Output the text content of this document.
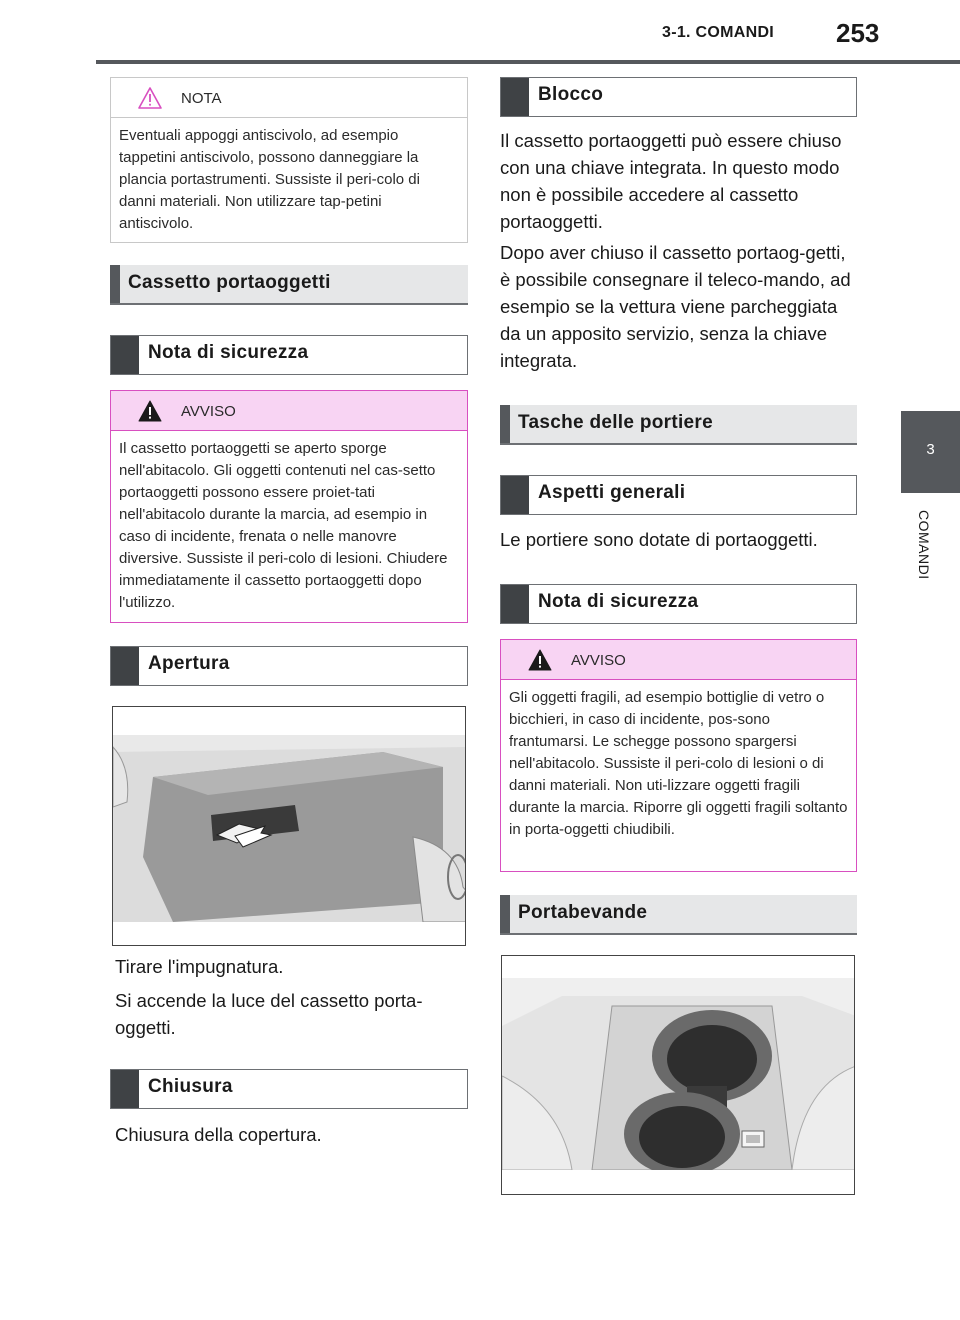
3-1. COMANDI 253
3
COMANDI
NOTA
Eventuali appoggi antiscivolo, ad esempio tappetini antiscivolo, possono danneggiare la plancia portastrumenti. Sussiste il peri-colo di danni materiali. Non utilizzare tap-petini antiscivolo.
Cassetto portaoggetti
Nota di sicurezza
AVVISO
Il cassetto portaoggetti se aperto sporge nell'abitacolo. Gli oggetti contenuti nel cas-setto portaoggetti possono essere proiet-tati nell'abitacolo durante la marcia, ad esempio in caso di incidente, frenata o nelle manovre diversive. Sussiste il peri-colo di lesioni. Chiudere immediatamente il cassetto portaoggetti dopo l'utilizzo.
Apertura
Tirare l'impugnatura.
Si accende la luce del cassetto porta-oggetti.
Chiusura
Chiusura della copertura.
Blocco
Il cassetto portaoggetti può essere chiuso con una chiave integrata. In questo modo non è possibile accedere al cassetto portaoggetti.
Dopo aver chiuso il cassetto portaog-getti, è possibile consegnare il teleco-mando, ad esempio se la vettura viene parcheggiata da un apposito servizio, senza la chiave integrata.
Tasche delle portiere
Aspetti generali
Le portiere sono dotate di portaoggetti.
Nota di sicurezza
AVVISO
Gli oggetti fragili, ad esempio bottiglie di vetro o bicchieri, in caso di incidente, pos-sono frantumarsi. Le schegge possono spargersi nell'abitacolo. Sussiste il peri-colo di lesioni o di danni materiali. Non uti-lizzare oggetti fragili durante la marcia. Riporre gli oggetti fragili soltanto in porta-oggetti chiudibili.
Portabevande
